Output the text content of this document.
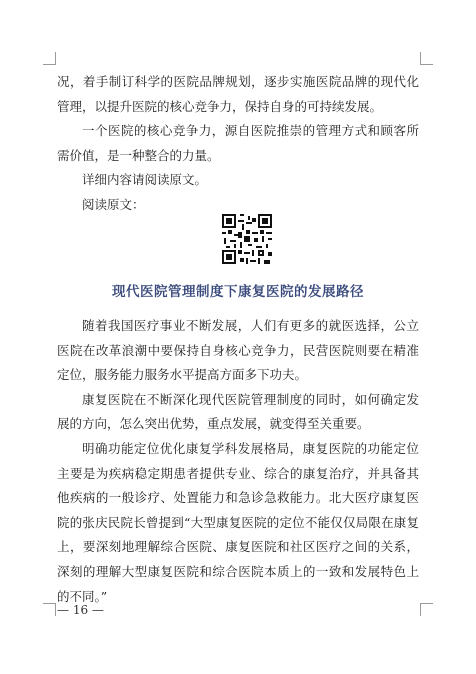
况，着手制订科学的医院品牌规划，逐步实施医院品牌的现代化管理，以提升医院的核心竞争力，保持自身的可持续发展。

一个医院的核心竞争力，源自医院推崇的管理方式和顾客所需价值，是一种整合的力量。

详细内容请阅读原文。

阅读原文：

现代医院管理制度下康复医院的发展路径

随着我国医疗事业不断发展，人们有更多的就医选择，公立医院在改革浪潮中要保持自身核心竞争力，民营医院则要在精准定位，服务能力服务水平提高方面多下功夫。

康复医院在不断深化现代医院管理制度的同时，如何确定发展的方向，怎么突出优势，重点发展，就变得至关重要。

明确功能定位优化康复学科发展格局，康复医院的功能定位主要是为疾病稳定期患者提供专业、综合的康复治疗，并具备其他疾病的一般诊疗、处置能力和急诊急救能力。北大医疗康复医院的张庆民院长曾提到“大型康复医院的定位不能仅仅局限在康复上，要深刻地理解综合医院、康复医院和社区医疗之间的关系，深刻的理解大型康复医院和综合医院本质上的一致和发展特色上的不同。”

— 16 —
